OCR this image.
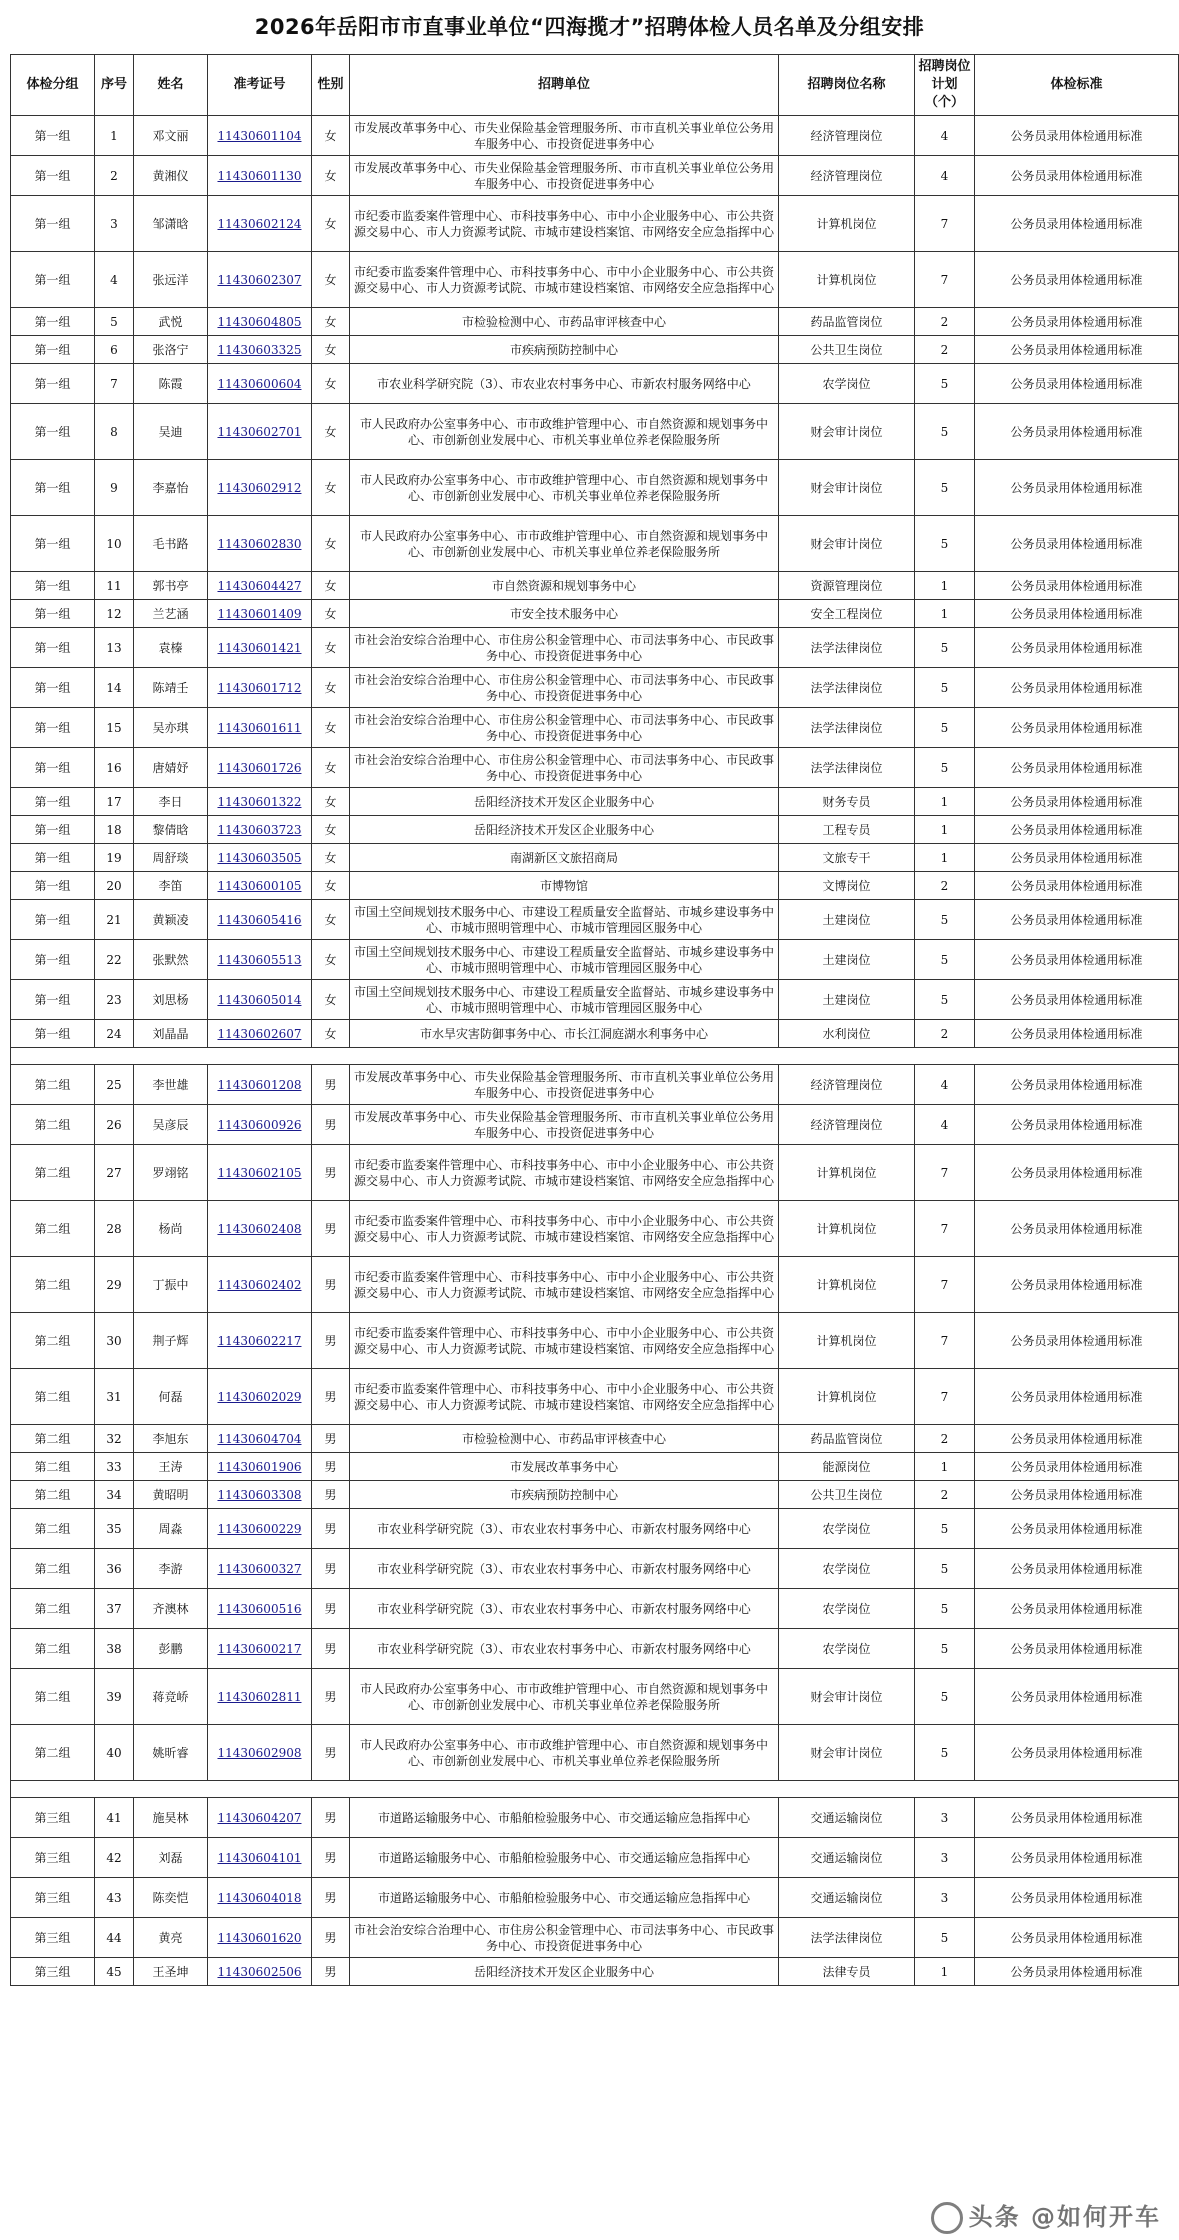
2026年岳阳市市直事业单位“四海揽才”招聘体检人员名单及分组安排
体检分组	序号	姓名	准考证号	性别	招聘单位	招聘岗位名称	招聘岗位计划（个）	体检标准
第一组	1	邓文丽	11430601104	女	市发展改革事务中心、市失业保险基金管理服务所、市市直机关事业单位公务用车服务中心、市投资促进事务中心	经济管理岗位	4	公务员录用体检通用标准
第一组	2	黄湘仪	11430601130	女	市发展改革事务中心、市失业保险基金管理服务所、市市直机关事业单位公务用车服务中心、市投资促进事务中心	经济管理岗位	4	公务员录用体检通用标准
第一组	3	邹潇晗	11430602124	女	市纪委市监委案件管理中心、市科技事务中心、市中小企业服务中心、市公共资源交易中心、市人力资源考试院、市城市建设档案馆、市网络安全应急指挥中心	计算机岗位	7	公务员录用体检通用标准
第一组	4	张远洋	11430602307	女	市纪委市监委案件管理中心、市科技事务中心、市中小企业服务中心、市公共资源交易中心、市人力资源考试院、市城市建设档案馆、市网络安全应急指挥中心	计算机岗位	7	公务员录用体检通用标准
第一组	5	武悦	11430604805	女	市检验检测中心、市药品审评核查中心	药品监管岗位	2	公务员录用体检通用标准
第一组	6	张洛宁	11430603325	女	市疾病预防控制中心	公共卫生岗位	2	公务员录用体检通用标准
第一组	7	陈霞	11430600604	女	市农业科学研究院（3）、市农业农村事务中心、市新农村服务网络中心	农学岗位	5	公务员录用体检通用标准
第一组	8	吴迪	11430602701	女	市人民政府办公室事务中心、市市政维护管理中心、市自然资源和规划事务中心、市创新创业发展中心、市机关事业单位养老保险服务所	财会审计岗位	5	公务员录用体检通用标准
第一组	9	李嘉怡	11430602912	女	市人民政府办公室事务中心、市市政维护管理中心、市自然资源和规划事务中心、市创新创业发展中心、市机关事业单位养老保险服务所	财会审计岗位	5	公务员录用体检通用标准
第一组	10	毛书路	11430602830	女	市人民政府办公室事务中心、市市政维护管理中心、市自然资源和规划事务中心、市创新创业发展中心、市机关事业单位养老保险服务所	财会审计岗位	5	公务员录用体检通用标准
第一组	11	郭书亭	11430604427	女	市自然资源和规划事务中心	资源管理岗位	1	公务员录用体检通用标准
第一组	12	兰艺涵	11430601409	女	市安全技术服务中心	安全工程岗位	1	公务员录用体检通用标准
第一组	13	袁榛	11430601421	女	市社会治安综合治理中心、市住房公积金管理中心、市司法事务中心、市民政事务中心、市投资促进事务中心	法学法律岗位	5	公务员录用体检通用标准
第一组	14	陈靖壬	11430601712	女	市社会治安综合治理中心、市住房公积金管理中心、市司法事务中心、市民政事务中心、市投资促进事务中心	法学法律岗位	5	公务员录用体检通用标准
第一组	15	吴亦琪	11430601611	女	市社会治安综合治理中心、市住房公积金管理中心、市司法事务中心、市民政事务中心、市投资促进事务中心	法学法律岗位	5	公务员录用体检通用标准
第一组	16	唐婧妤	11430601726	女	市社会治安综合治理中心、市住房公积金管理中心、市司法事务中心、市民政事务中心、市投资促进事务中心	法学法律岗位	5	公务员录用体检通用标准
第一组	17	李日	11430601322	女	岳阳经济技术开发区企业服务中心	财务专员	1	公务员录用体检通用标准
第一组	18	黎倩晗	11430603723	女	岳阳经济技术开发区企业服务中心	工程专员	1	公务员录用体检通用标准
第一组	19	周舒琰	11430603505	女	南湖新区文旅招商局	文旅专干	1	公务员录用体检通用标准
第一组	20	李笛	11430600105	女	市博物馆	文博岗位	2	公务员录用体检通用标准
第一组	21	黄颖凌	11430605416	女	市国土空间规划技术服务中心、市建设工程质量安全监督站、市城乡建设事务中心、市城市照明管理中心、市城市管理园区服务中心	土建岗位	5	公务员录用体检通用标准
第一组	22	张默然	11430605513	女	市国土空间规划技术服务中心、市建设工程质量安全监督站、市城乡建设事务中心、市城市照明管理中心、市城市管理园区服务中心	土建岗位	5	公务员录用体检通用标准
第一组	23	刘思杨	11430605014	女	市国土空间规划技术服务中心、市建设工程质量安全监督站、市城乡建设事务中心、市城市照明管理中心、市城市管理园区服务中心	土建岗位	5	公务员录用体检通用标准
第一组	24	刘晶晶	11430602607	女	市水旱灾害防御事务中心、市长江洞庭湖水利事务中心	水利岗位	2	公务员录用体检通用标准

第二组	25	李世雄	11430601208	男	市发展改革事务中心、市失业保险基金管理服务所、市市直机关事业单位公务用车服务中心、市投资促进事务中心	经济管理岗位	4	公务员录用体检通用标准
第二组	26	吴彦辰	11430600926	男	市发展改革事务中心、市失业保险基金管理服务所、市市直机关事业单位公务用车服务中心、市投资促进事务中心	经济管理岗位	4	公务员录用体检通用标准
第二组	27	罗翊铭	11430602105	男	市纪委市监委案件管理中心、市科技事务中心、市中小企业服务中心、市公共资源交易中心、市人力资源考试院、市城市建设档案馆、市网络安全应急指挥中心	计算机岗位	7	公务员录用体检通用标准
第二组	28	杨尚	11430602408	男	市纪委市监委案件管理中心、市科技事务中心、市中小企业服务中心、市公共资源交易中心、市人力资源考试院、市城市建设档案馆、市网络安全应急指挥中心	计算机岗位	7	公务员录用体检通用标准
第二组	29	丁振中	11430602402	男	市纪委市监委案件管理中心、市科技事务中心、市中小企业服务中心、市公共资源交易中心、市人力资源考试院、市城市建设档案馆、市网络安全应急指挥中心	计算机岗位	7	公务员录用体检通用标准
第二组	30	荆子辉	11430602217	男	市纪委市监委案件管理中心、市科技事务中心、市中小企业服务中心、市公共资源交易中心、市人力资源考试院、市城市建设档案馆、市网络安全应急指挥中心	计算机岗位	7	公务员录用体检通用标准
第二组	31	何磊	11430602029	男	市纪委市监委案件管理中心、市科技事务中心、市中小企业服务中心、市公共资源交易中心、市人力资源考试院、市城市建设档案馆、市网络安全应急指挥中心	计算机岗位	7	公务员录用体检通用标准
第二组	32	李旭东	11430604704	男	市检验检测中心、市药品审评核查中心	药品监管岗位	2	公务员录用体检通用标准
第二组	33	王涛	11430601906	男	市发展改革事务中心	能源岗位	1	公务员录用体检通用标准
第二组	34	黄昭明	11430603308	男	市疾病预防控制中心	公共卫生岗位	2	公务员录用体检通用标准
第二组	35	周淼	11430600229	男	市农业科学研究院（3）、市农业农村事务中心、市新农村服务网络中心	农学岗位	5	公务员录用体检通用标准
第二组	36	李游	11430600327	男	市农业科学研究院（3）、市农业农村事务中心、市新农村服务网络中心	农学岗位	5	公务员录用体检通用标准
第二组	37	齐澳林	11430600516	男	市农业科学研究院（3）、市农业农村事务中心、市新农村服务网络中心	农学岗位	5	公务员录用体检通用标准
第二组	38	彭鹏	11430600217	男	市农业科学研究院（3）、市农业农村事务中心、市新农村服务网络中心	农学岗位	5	公务员录用体检通用标准
第二组	39	蒋竞峤	11430602811	男	市人民政府办公室事务中心、市市政维护管理中心、市自然资源和规划事务中心、市创新创业发展中心、市机关事业单位养老保险服务所	财会审计岗位	5	公务员录用体检通用标准
第二组	40	姚昕睿	11430602908	男	市人民政府办公室事务中心、市市政维护管理中心、市自然资源和规划事务中心、市创新创业发展中心、市机关事业单位养老保险服务所	财会审计岗位	5	公务员录用体检通用标准

第三组	41	施昊林	11430604207	男	市道路运输服务中心、市船舶检验服务中心、市交通运输应急指挥中心	交通运输岗位	3	公务员录用体检通用标准
第三组	42	刘磊	11430604101	男	市道路运输服务中心、市船舶检验服务中心、市交通运输应急指挥中心	交通运输岗位	3	公务员录用体检通用标准
第三组	43	陈奕恺	11430604018	男	市道路运输服务中心、市船舶检验服务中心、市交通运输应急指挥中心	交通运输岗位	3	公务员录用体检通用标准
第三组	44	黄亮	11430601620	男	市社会治安综合治理中心、市住房公积金管理中心、市司法事务中心、市民政事务中心、市投资促进事务中心	法学法律岗位	5	公务员录用体检通用标准
第三组	45	王圣坤	11430602506	男	岳阳经济技术开发区企业服务中心	法律专员	1	公务员录用体检通用标准
头条 @如何开车
